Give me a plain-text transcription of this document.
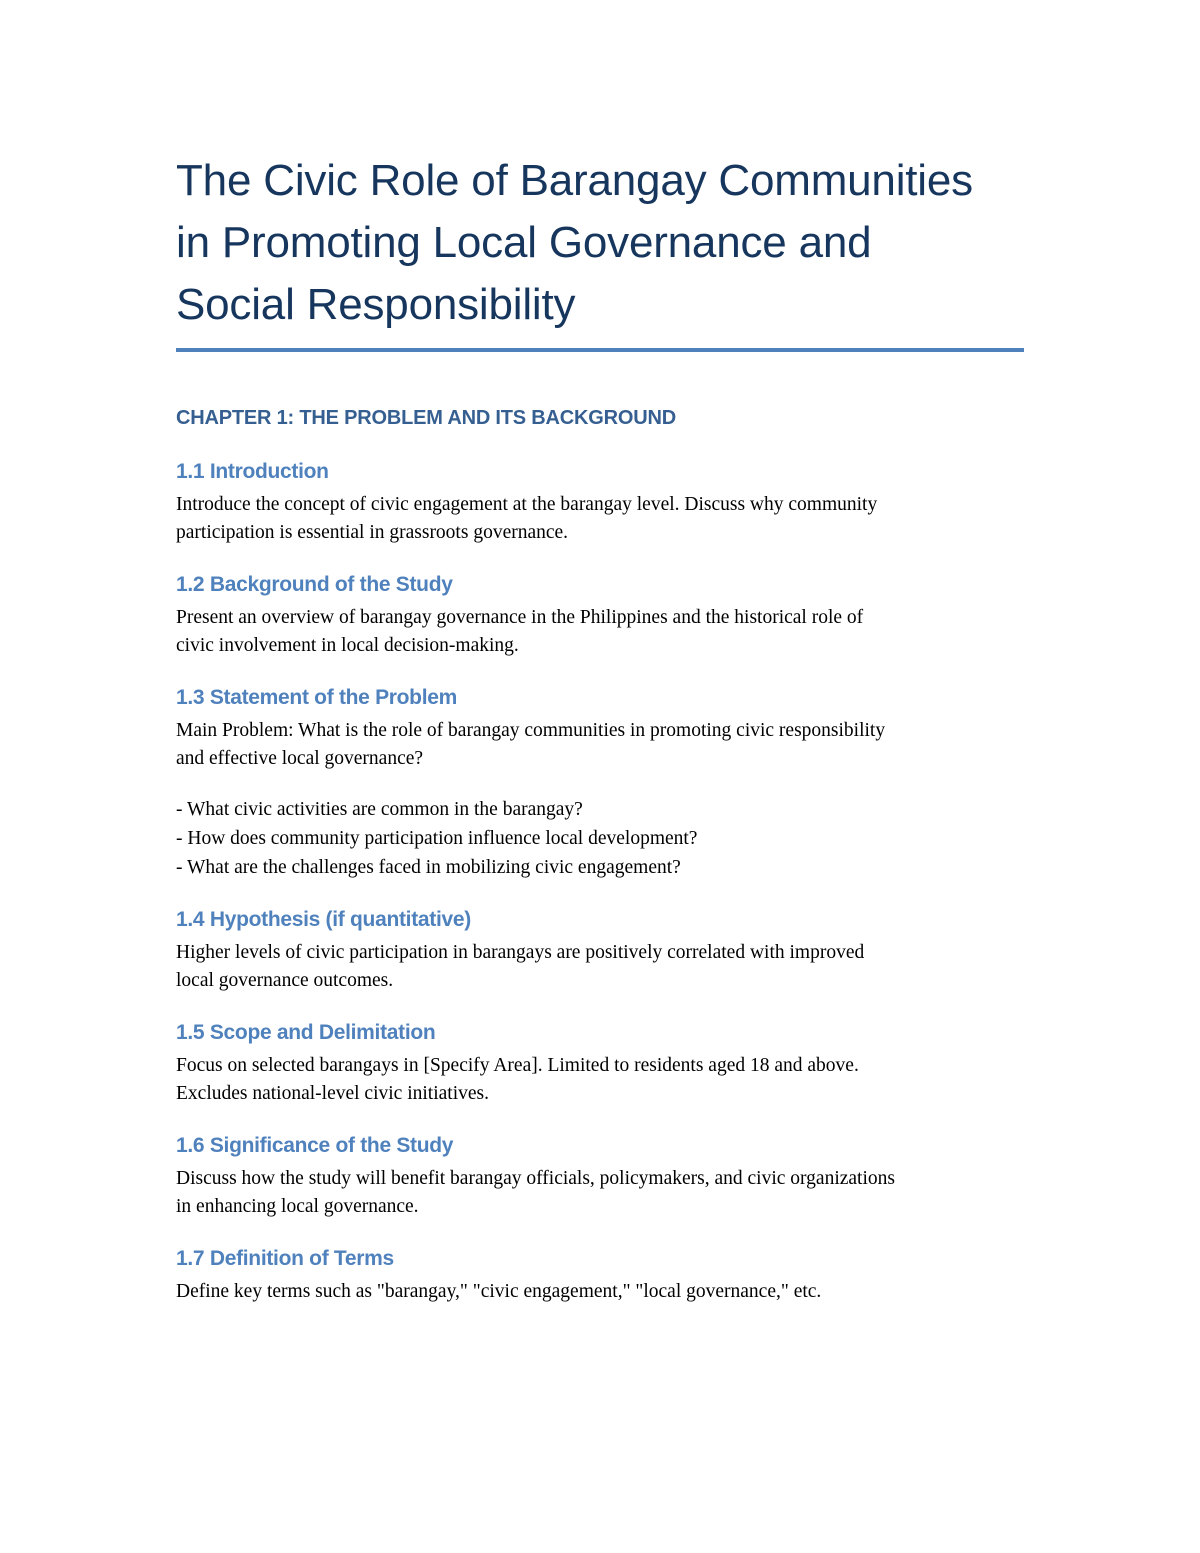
The Civic Role of Barangay Communities
in Promoting Local Governance and
Social Responsibility
CHAPTER 1: THE PROBLEM AND ITS BACKGROUND
1.1 Introduction

Introduce the concept of civic engagement at the barangay level. Discuss why community
participation is essential in grassroots governance.

1.2 Background of the Study

Present an overview of barangay governance in the Philippines and the historical role of
civic involvement in local decision-making.

1.3 Statement of the Problem

Main Problem: What is the role of barangay communities in promoting civic responsibility
and effective local governance?

- What civic activities are common in the barangay?
- How does community participation influence local development?
- What are the challenges faced in mobilizing civic engagement?
1.4 Hypothesis (if quantitative)

Higher levels of civic participation in barangays are positively correlated with improved
local governance outcomes.

1.5 Scope and Delimitation

Focus on selected barangays in [Specify Area]. Limited to residents aged 18 and above.
Excludes national-level civic initiatives.

1.6 Significance of the Study

Discuss how the study will benefit barangay officials, policymakers, and civic organizations
in enhancing local governance.

1.7 Definition of Terms

Define key terms such as "barangay," "civic engagement," "local governance," etc.
